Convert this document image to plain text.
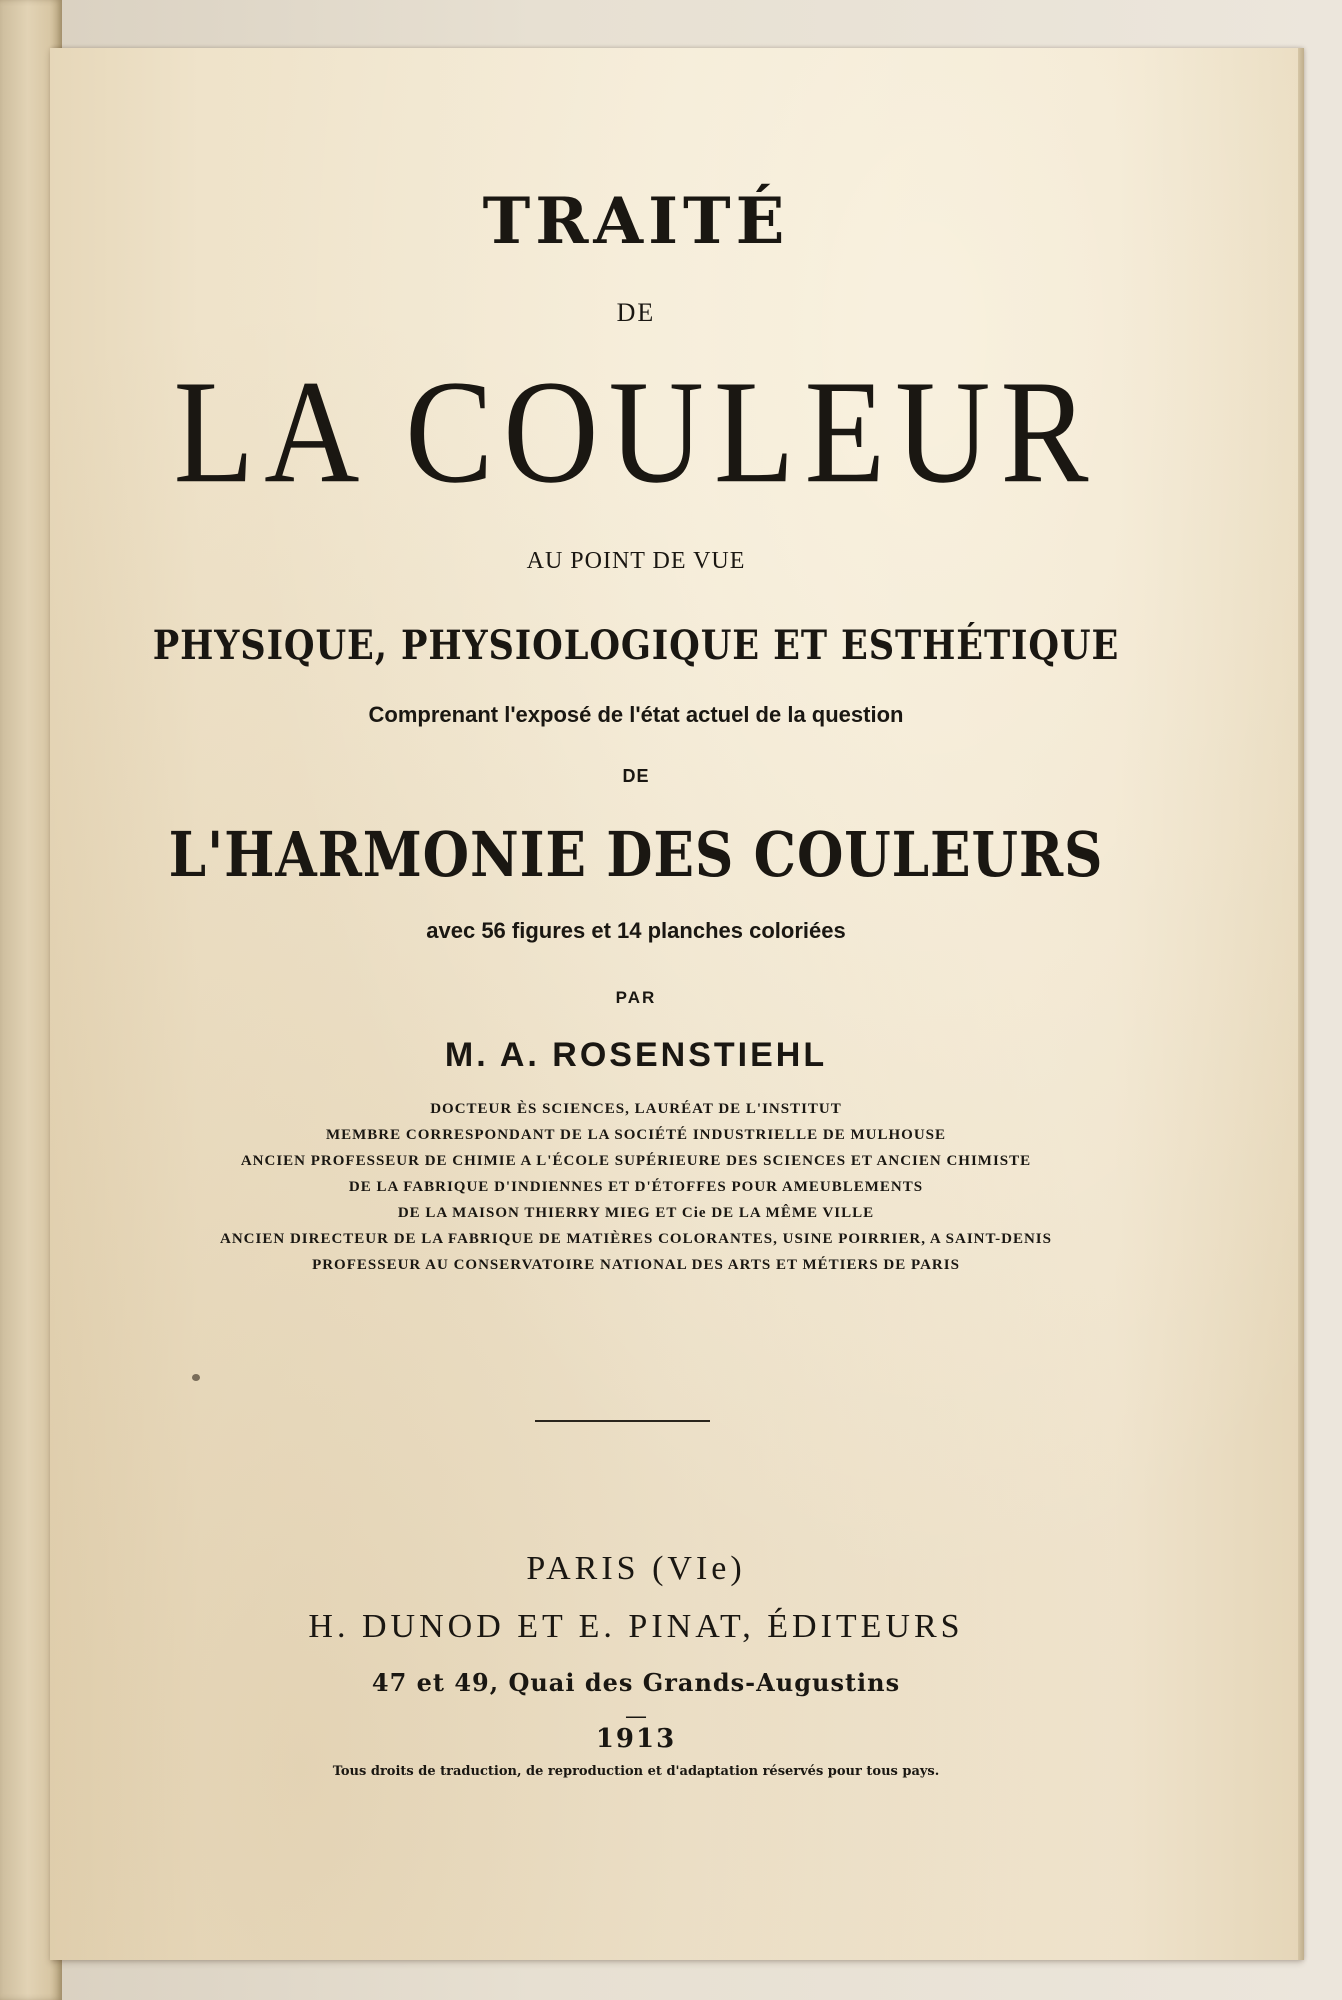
TRAITÉ

DE

LA COULEUR

AU POINT DE VUE

PHYSIQUE, PHYSIOLOGIQUE ET ESTHÉTIQUE

Comprenant l'exposé de l'état actuel de la question

DE

L'HARMONIE DES COULEURS

avec 56 figures et 14 planches coloriées

PAR

M. A. ROSENSTIEHL

DOCTEUR ÈS SCIENCES, LAURÉAT DE L'INSTITUT
MEMBRE CORRESPONDANT DE LA SOCIÉTÉ INDUSTRIELLE DE MULHOUSE
ANCIEN PROFESSEUR DE CHIMIE A L'ÉCOLE SUPÉRIEURE DES SCIENCES ET ANCIEN CHIMISTE
DE LA FABRIQUE D'INDIENNES ET D'ÉTOFFES POUR AMEUBLEMENTS
DE LA MAISON THIERRY MIEG ET Cie DE LA MÊME VILLE
ANCIEN DIRECTEUR DE LA FABRIQUE DE MATIÈRES COLORANTES, USINE POIRRIER, A SAINT-DENIS
PROFESSEUR AU CONSERVATOIRE NATIONAL DES ARTS ET MÉTIERS DE PARIS

PARIS (VIe)

H. DUNOD ET E. PINAT, ÉDITEURS

47 et 49, Quai des Grands-Augustins

—

1913

Tous droits de traduction, de reproduction et d'adaptation réservés pour tous pays.
